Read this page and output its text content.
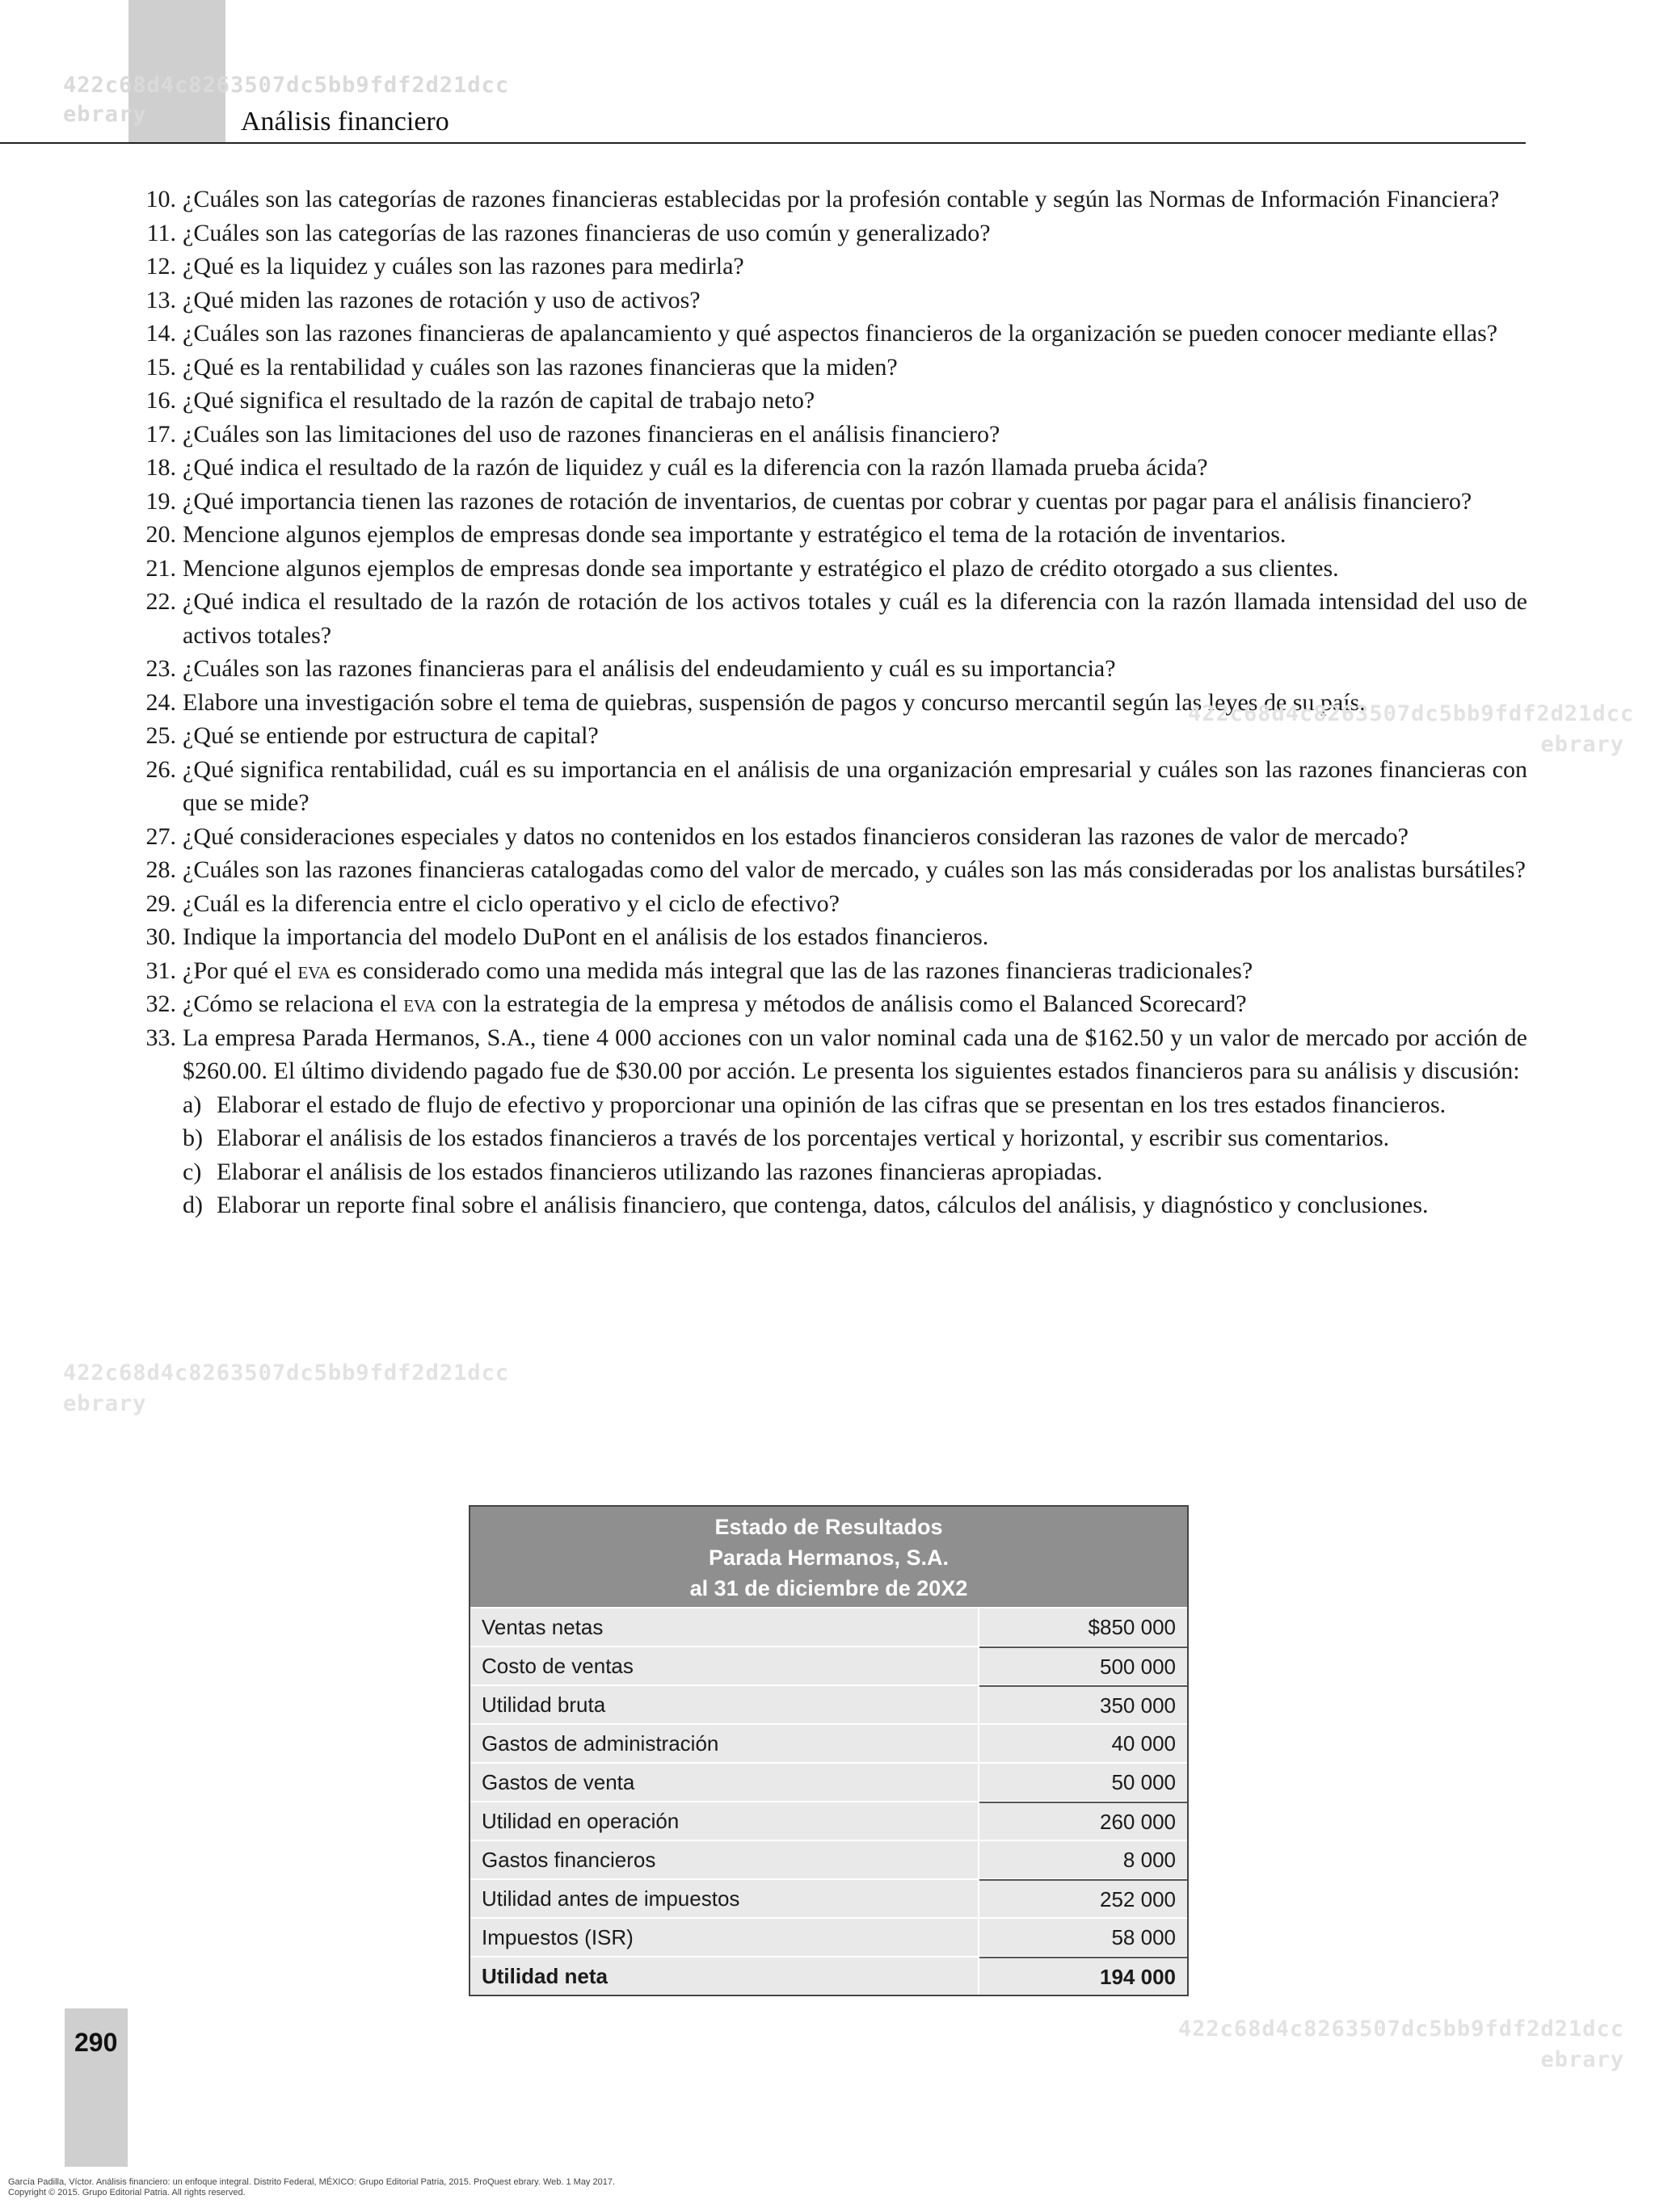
422c68d4c8263507dc5bb9fdf2d21dcc
ebrary	Análisis financiero
10. ¿Cuáles son las categorías de razones financieras establecidas por la profesión contable y según las Normas de Información Financiera?
11. ¿Cuáles son las categorías de las razones financieras de uso común y generalizado?
12. ¿Qué es la liquidez y cuáles son las razones para medirla?
13. ¿Qué miden las razones de rotación y uso de activos?
14. ¿Cuáles son las razones financieras de apalancamiento y qué aspectos financieros de la organización se pueden conocer mediante ellas?
15. ¿Qué es la rentabilidad y cuáles son las razones financieras que la miden?
16. ¿Qué significa el resultado de la razón de capital de trabajo neto?
17. ¿Cuáles son las limitaciones del uso de razones financieras en el análisis financiero?
18. ¿Qué indica el resultado de la razón de liquidez y cuál es la diferencia con la razón llamada prueba ácida?
19. ¿Qué importancia tienen las razones de rotación de inventarios, de cuentas por cobrar y cuentas por pagar para el análisis financiero?
20. Mencione algunos ejemplos de empresas donde sea importante y estratégico el tema de la rotación de inventarios.
21. Mencione algunos ejemplos de empresas donde sea importante y estratégico el plazo de crédito otorgado a sus clientes.
22. ¿Qué indica el resultado de la razón de rotación de los activos totales y cuál es la diferencia con la razón llamada intensidad del uso de activos totales?
23. ¿Cuáles son las razones financieras para el análisis del endeudamiento y cuál es su importancia?
24. Elabore una investigación sobre el tema de quiebras, suspensión de pagos y concurso mercantil según las leyes de su país.
25. ¿Qué se entiende por estructura de capital?
26. ¿Qué significa rentabilidad, cuál es su importancia en el análisis de una organización empresarial y cuáles son las razones financieras con que se mide?
27. ¿Qué consideraciones especiales y datos no contenidos en los estados financieros consideran las razones de valor de mercado?
28. ¿Cuáles son las razones financieras catalogadas como del valor de mercado, y cuáles son las más consideradas por los analistas bursátiles?
29. ¿Cuál es la diferencia entre el ciclo operativo y el ciclo de efectivo?
30. Indique la importancia del modelo DuPont en el análisis de los estados financieros.
31. ¿Por qué el eva es considerado como una medida más integral que las de las razones financieras tradicionales?
32. ¿Cómo se relaciona el eva con la estrategia de la empresa y métodos de análisis como el Balanced Scorecard?
33. La empresa Parada Hermanos, S.A., tiene 4 000 acciones con un valor nominal cada una de $162.50 y un valor de mercado por acción de $260.00. El último dividendo pagado fue de $30.00 por acción. Le presenta los siguientes estados financieros para su análisis y discusión:
a) Elaborar el estado de flujo de efectivo y proporcionar una opinión de las cifras que se presentan en los tres estados financieros.
b) Elaborar el análisis de los estados financieros a través de los porcentajes vertical y horizontal, y escribir sus comentarios.
c) Elaborar el análisis de los estados financieros utilizando las razones financieras apropiadas.
d) Elaborar un reporte final sobre el análisis financiero, que contenga, datos, cálculos del análisis, y diagnóstico y conclusiones.
422c68d4c8263507dc5bb9fdf2d21dcc
ebrary
422c68d4c8263507dc5bb9fdf2d21dcc
ebrary
Estado de Resultados
Parada Hermanos, S.A.
al 31 de diciembre de 20X2
Ventas netas	$850 000
Costo de ventas	500 000
Utilidad bruta	350 000
Gastos de administración	40 000
Gastos de venta	50 000
Utilidad en operación	260 000
Gastos financieros	8 000
Utilidad antes de impuestos	252 000
Impuestos (ISR)	58 000
Utilidad neta	194 000
422c68d4c8263507dc5bb9fdf2d21dcc
ebrary
290
García Padilla, Víctor. Análisis financiero: un enfoque integral. Distrito Federal, MÉXICO: Grupo Editorial Patria, 2015. ProQuest ebrary. Web. 1 May 2017.
Copyright © 2015. Grupo Editorial Patria. All rights reserved.
